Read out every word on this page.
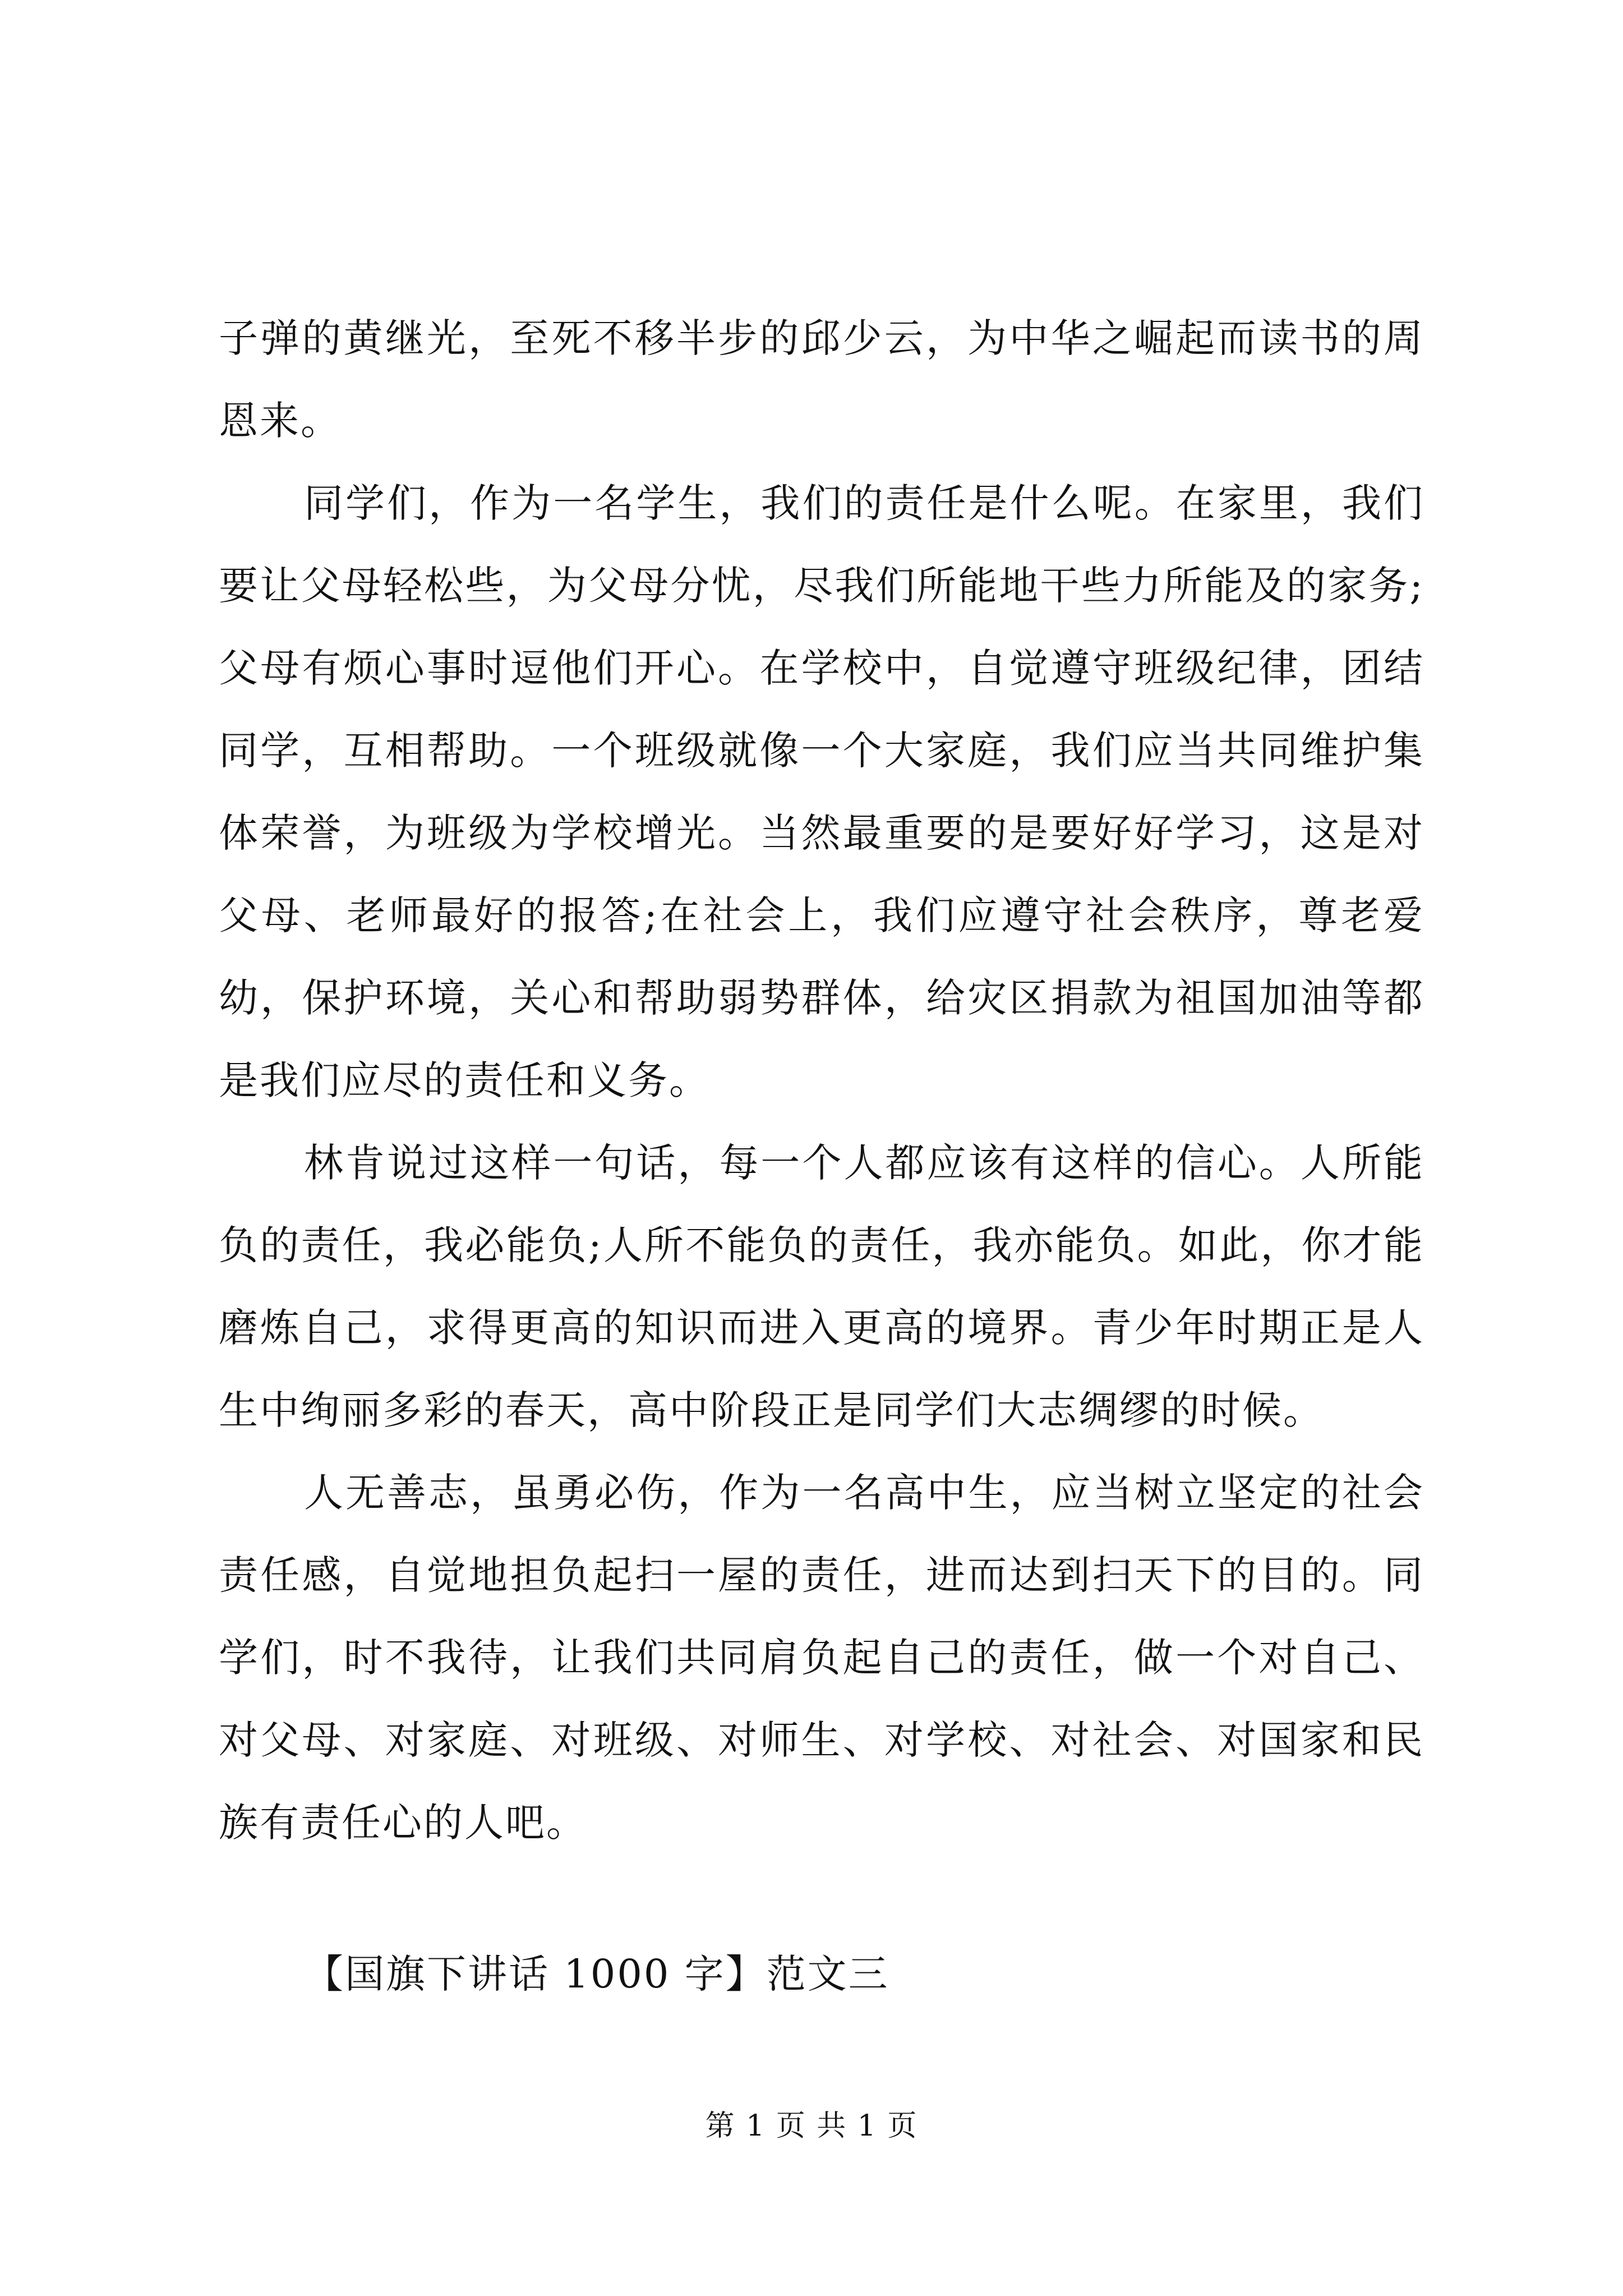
子弹的黄继光，至死不移半步的邱少云，为中华之崛起而读书的周恩来。

同学们，作为一名学生，我们的责任是什么呢。在家里，我们要让父母轻松些，为父母分忧，尽我们所能地干些力所能及的家务;父母有烦心事时逗他们开心。在学校中，自觉遵守班级纪律，团结同学，互相帮助。一个班级就像一个大家庭，我们应当共同维护集体荣誉，为班级为学校增光。当然最重要的是要好好学习，这是对父母、老师最好的报答;在社会上，我们应遵守社会秩序，尊老爱幼，保护环境，关心和帮助弱势群体，给灾区捐款为祖国加油等都是我们应尽的责任和义务。

林肯说过这样一句话，每一个人都应该有这样的信心。人所能负的责任，我必能负;人所不能负的责任，我亦能负。如此，你才能磨炼自己，求得更高的知识而进入更高的境界。青少年时期正是人生中绚丽多彩的春天，高中阶段正是同学们大志绸缪的时候。

人无善志，虽勇必伤，作为一名高中生，应当树立坚定的社会责任感，自觉地担负起扫一屋的责任，进而达到扫天下的目的。同学们，时不我待，让我们共同肩负起自己的责任，做一个对自己、对父母、对家庭、对班级、对师生、对学校、对社会、对国家和民族有责任心的人吧。

【国旗下讲话 1000 字】范文三

第 1 页 共 1 页
